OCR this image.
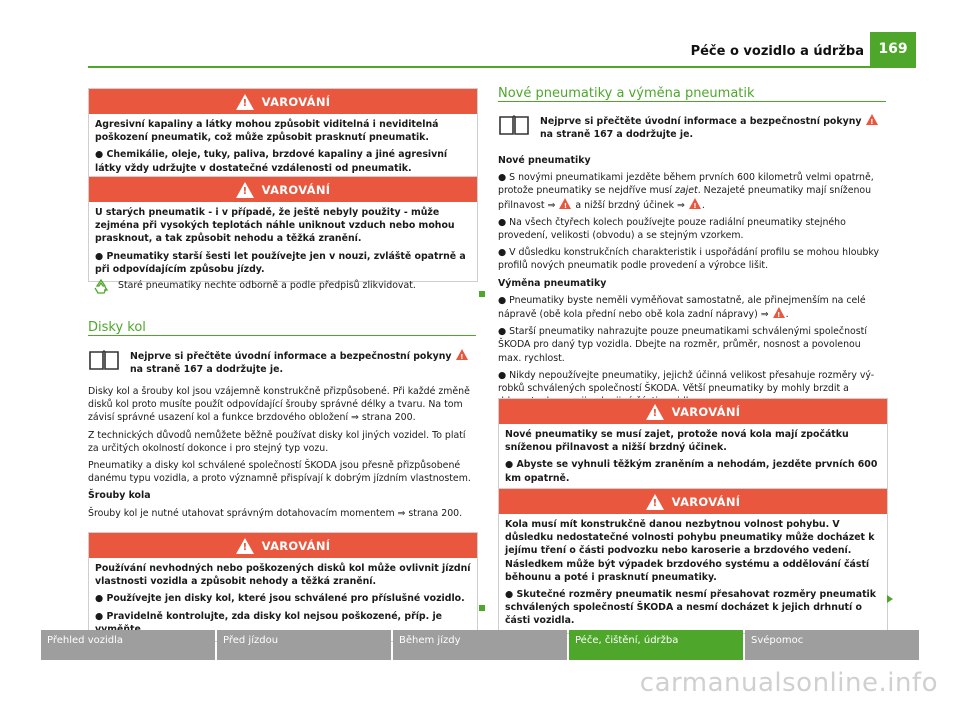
Péče o vozidlo a údržba	169
!
VAROVÁNÍ

Agresivní kapaliny a látky mohou způsobit viditelná i neviditelná poškození pneumatik, což může způsobit prasknutí pneumatik.

● Chemikálie, oleje, tuky, paliva, brzdové kapaliny a jiné agresivní látky vždy udržujte v dostatečné vzdálenosti od pneumatik.

!
VAROVÁNÍ

U starých pneumatik - i v případě, že ještě nebyly použity - může zejména při vysokých teplotách náhle uniknout vzduch nebo mohou prasknout, a tak způsobit nehodu a těžká zranění.

● Pneumatiky starší šesti let používejte jen v nouzi, zvláště opatrně a při odpovídajícím způsobu jízdy.

Staré pneumatiky nechte odborně a podle předpisů zlikvidovat.
Disky kol
Nejprve si přečtěte úvodní informace a bezpečnostní pokyny ! na straně 167 a dodržujte je.

Disky kol a šrouby kol jsou vzájemně konstrukčně přizpůsobené. Při každé změně disků kol proto musíte použít odpovídající šrouby správné délky a tvaru. Na tom závisí správné usazení kol a funkce brzdového obložení ⇒ strana 200.

Z technických důvodů nemůžete běžně používat disky kol jiných vozidel. To platí za určitých okolností dokonce i pro stejný typ vozu.

Pneumatiky a disky kol schválené společností ŠKODA jsou přesně přizpůsobené danému typu vozidla, a proto významně přispívají k dobrým jízdním vlastnostem.

Šrouby kola

Šrouby kol je nutné utahovat správným dotahovacím momentem ⇒ strana 200.

!
VAROVÁNÍ

Používání nevhodných nebo poškozených disků kol může ovlivnit jízdní vlastnosti vozidla a způsobit nehody a těžká zranění.

● Používejte jen disky kol, které jsou schválené pro příslušné vozidlo.

● Pravidelně kontrolujte, zda disky kol nejsou poškozené, příp. je

Nové pneumatiky a výměna pneumatik
Nejprve si přečtěte úvodní informace a bezpečnostní pokyny ! na straně 167 a dodržujte je.

Nové pneumatiky

● S novými pneumatikami jezděte během prvních 600 kilometrů velmi opatrně, protože pneumatiky se nejdříve musí zajet. Nezajeté pneumatiky mají sníženou přilnavost ⇒ ! a nižší brzdný účinek ⇒ ! .

● Na všech čtyřech kolech používejte pouze radiální pneumatiky stejného provedení, velikosti (obvodu) a se stejným vzorkem.

● V důsledku konstrukčních charakteristik i uspořádání profilu se mohou hloubky profilů nových pneumatik podle provedení a výrobce lišit.

Výměna pneumatiky

● Pneumatiky byste neměli vyměňovat samostatně, ale přinejmenším na celé nápravě (obě kola přední nebo obě kola zadní nápravy) ⇒ ! .

● Starší pneumatiky nahrazujte pouze pneumatikami schválenými společností ŠKODA pro daný typ vozidla. Dbejte na rozměr, průměr, nosnost a povolenou max. rychlost.

● Nikdy nepoužívejte pneumatiky, jejichž účinná velikost přesahuje rozměry vý-robků schválených společností ŠKODA. Větší pneumatiky by mohly brzdit a

!
VAROVÁNÍ

Nové pneumatiky se musí zajet, protože nová kola mají zpočátku sníženou přilnavost a nižší brzdný účinek.

● Abyste se vyhnuli těžkým zraněním a nehodám, jezděte prvních 600 km opatrně.

!
VAROVÁNÍ

Kola musí mít konstrukčně danou nezbytnou volnost pohybu. V důsledku nedostatečné volnosti pohybu pneumatiky může docházet k jejímu tření o části podvozku nebo karoserie a brzdového vedení. Následkem může být výpadek brzdového systému a oddělování částí běhounu a poté i prasknutí pneumatiky.

● Skutečné rozměry pneumatik nesmí přesahovat rozměry pneumatik schválených společností ŠKODA a nesmí docházet k jejich drhnutí o části vozidla.

Přehled vozidla	Před jízdou	Během jízdy	Péče, čištění, údržba	Svépomoc
carmanualsonline.info
